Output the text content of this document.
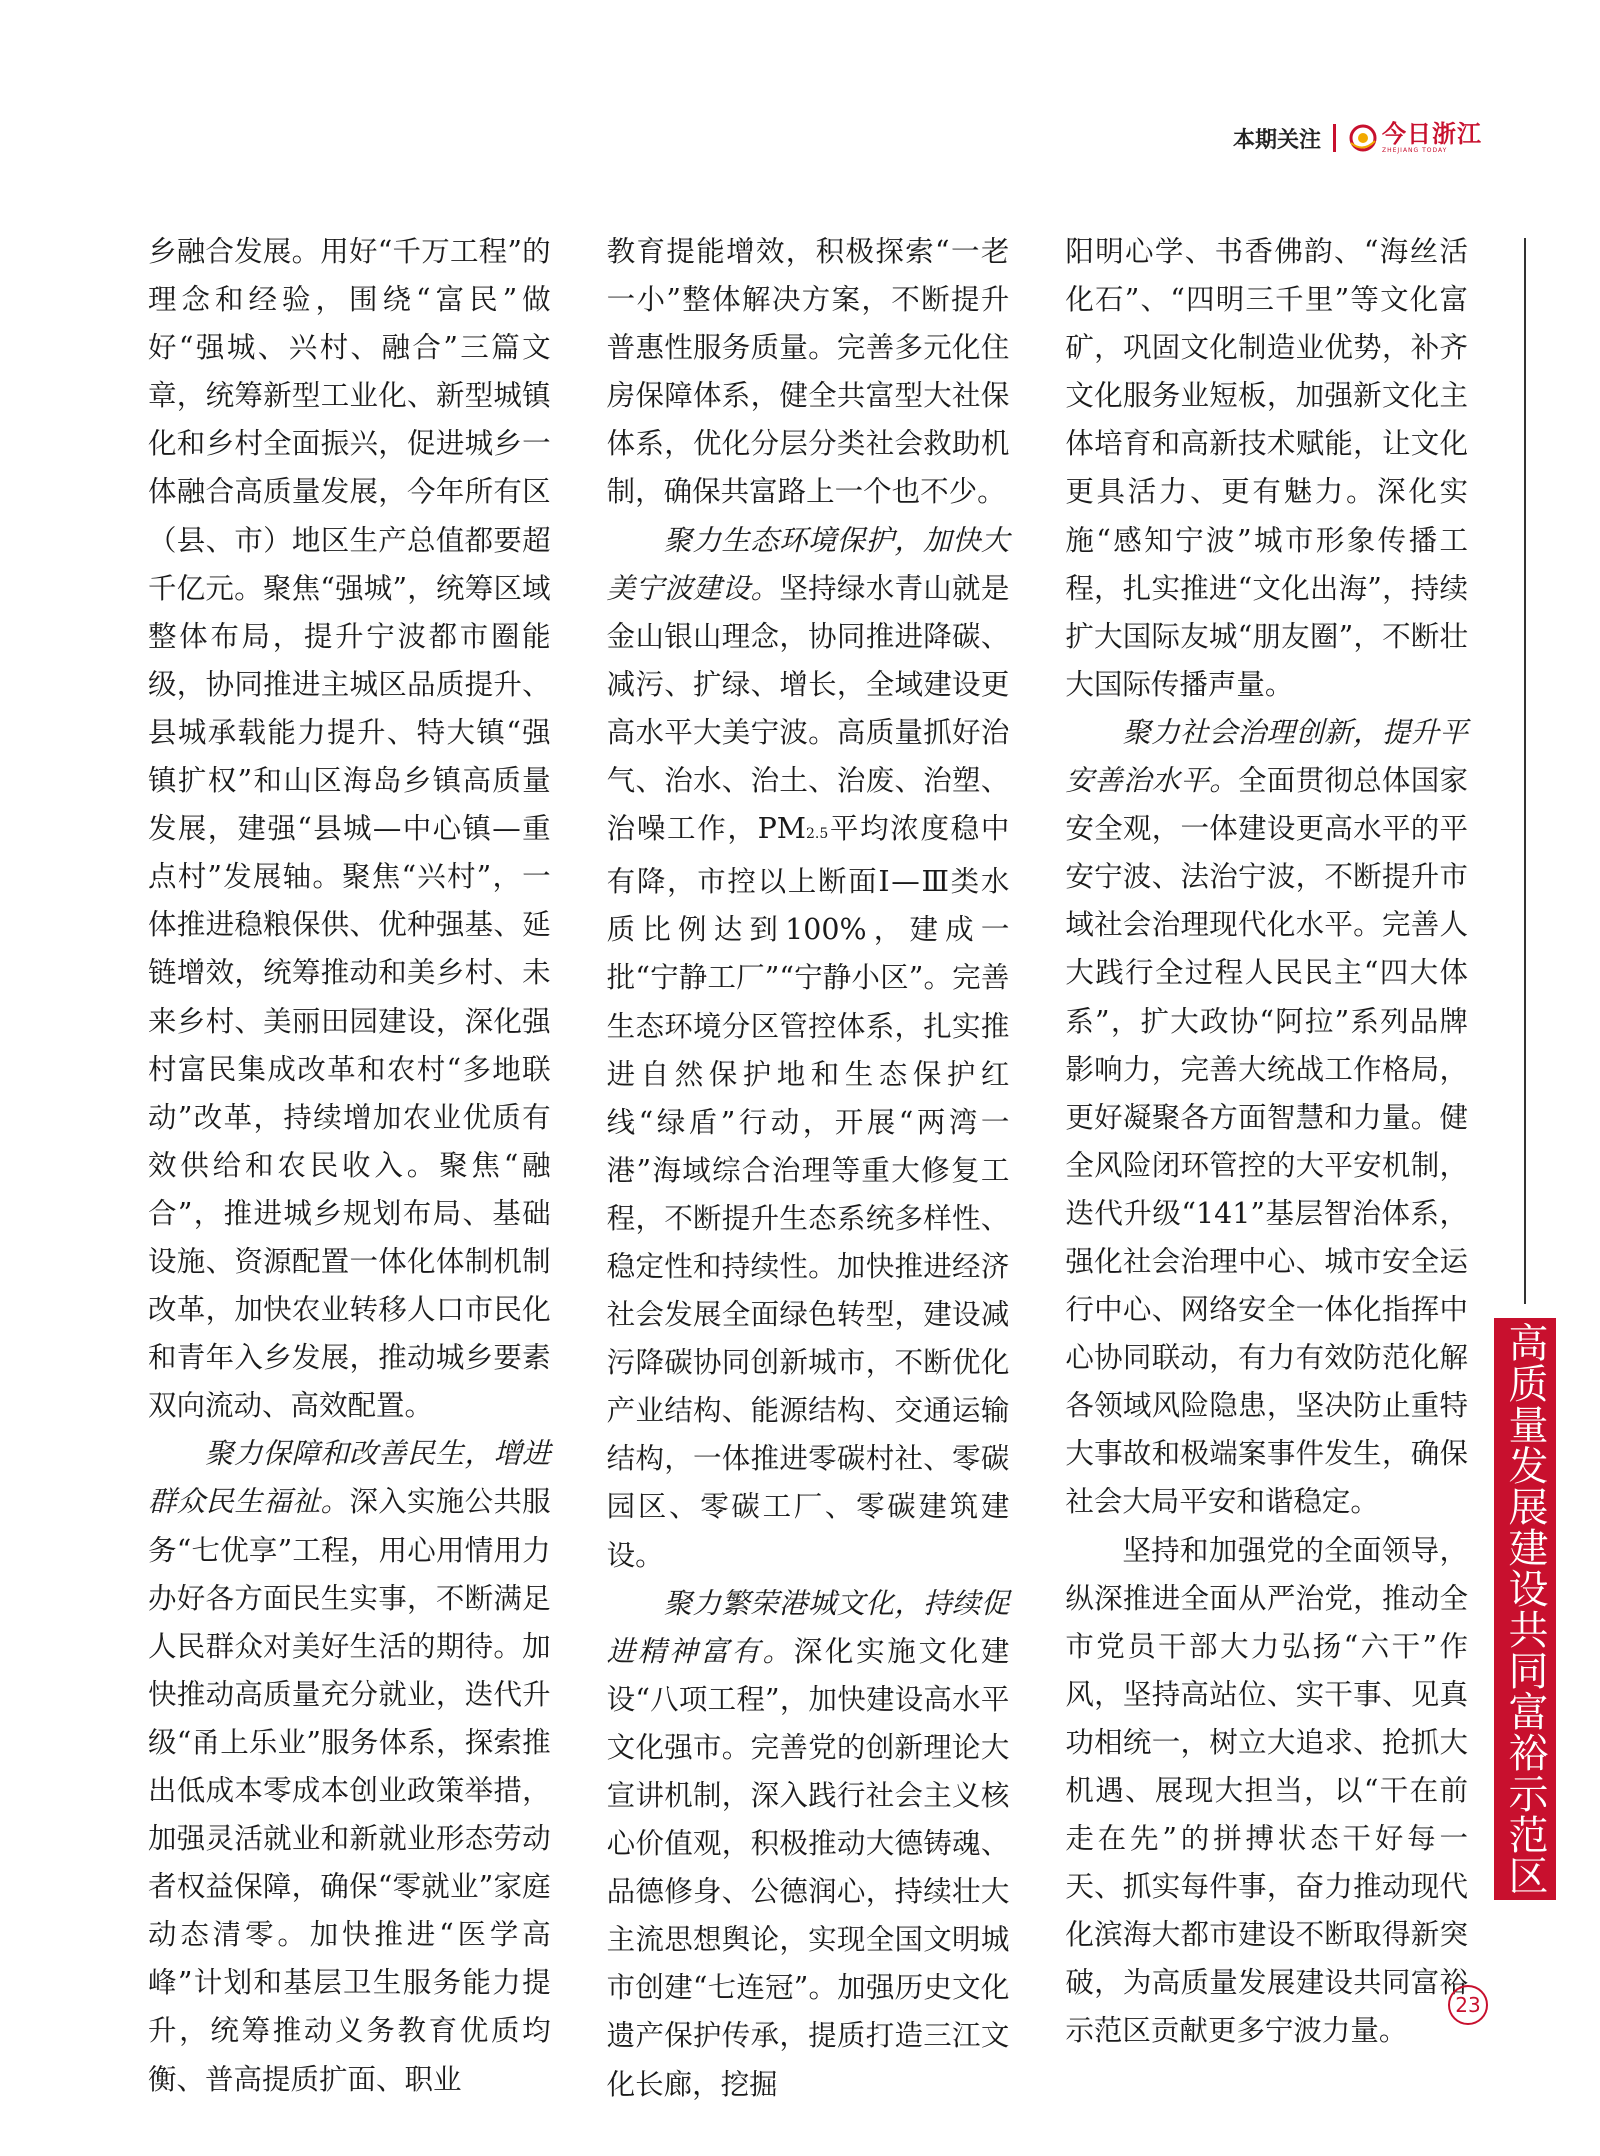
本期关注	今日浙江
ZHEJIANG TODAY

乡融合发展。用好“千万工程”的理念和经验，围绕“富民”做好“强城、兴村、融合”三篇文章，统筹新型工业化、新型城镇化和乡村全面振兴，促进城乡一体融合高质量发展，今年所有区（县、市）地区生产总值都要超千亿元。聚焦“强城”，统筹区域整体布局，提升宁波都市圈能级，协同推进主城区品质提升、县城承载能力提升、特大镇“强镇扩权”和山区海岛乡镇高质量发展，建强“县城—中心镇—重点村”发展轴。聚焦“兴村”，一体推进稳粮保供、优种强基、延链增效，统筹推动和美乡村、未来乡村、美丽田园建设，深化强村富民集成改革和农村“多地联动”改革，持续增加农业优质有效供给和农民收入。聚焦“融合”，推进城乡规划布局、基础设施、资源配置一体化体制机制改革，加快农业转移人口市民化和青年入乡发展，推动城乡要素双向流动、高效配置。

聚力保障和改善民生，增进群众民生福祉。深入实施公共服务“七优享”工程，用心用情用力办好各方面民生实事，不断满足人民群众对美好生活的期待。加快推动高质量充分就业，迭代升级“甬上乐业”服务体系，探索推出低成本零成本创业政策举措，加强灵活就业和新就业形态劳动者权益保障，确保“零就业”家庭动态清零。加快推进“医学高峰”计划和基层卫生服务能力提升，统筹推动义务教育优质均衡、普高提质扩面、职业

教育提能增效，积极探索“一老一小”整体解决方案，不断提升普惠性服务质量。完善多元化住房保障体系，健全共富型大社保体系，优化分层分类社会救助机制，确保共富路上一个也不少。

聚力生态环境保护，加快大美宁波建设。坚持绿水青山就是金山银山理念，协同推进降碳、减污、扩绿、增长，全域建设更高水平大美宁波。高质量抓好治气、治水、治土、治废、治塑、治噪工作，PM2.5平均浓度稳中有降，市控以上断面Ⅰ—Ⅲ类水质比例达到100%，建成一批“宁静工厂”“宁静小区”。完善生态环境分区管控体系，扎实推进自然保护地和生态保护红线“绿盾”行动，开展“两湾一港”海域综合治理等重大修复工程，不断提升生态系统多样性、稳定性和持续性。加快推进经济社会发展全面绿色转型，建设减污降碳协同创新城市，不断优化产业结构、能源结构、交通运输结构，一体推进零碳村社、零碳园区、零碳工厂、零碳建筑建设。

聚力繁荣港城文化，持续促进精神富有。深化实施文化建设“八项工程”，加快建设高水平文化强市。完善党的创新理论大宣讲机制，深入践行社会主义核心价值观，积极推动大德铸魂、品德修身、公德润心，持续壮大主流思想舆论，实现全国文明城市创建“七连冠”。加强历史文化遗产保护传承，提质打造三江文化长廊，挖掘

阳明心学、书香佛韵、“海丝活化石”、“四明三千里”等文化富矿，巩固文化制造业优势，补齐文化服务业短板，加强新文化主体培育和高新技术赋能，让文化更具活力、更有魅力。深化实施“感知宁波”城市形象传播工程，扎实推进“文化出海”，持续扩大国际友城“朋友圈”，不断壮大国际传播声量。

聚力社会治理创新，提升平安善治水平。全面贯彻总体国家安全观，一体建设更高水平的平安宁波、法治宁波，不断提升市域社会治理现代化水平。完善人大践行全过程人民民主“四大体系”，扩大政协“阿拉”系列品牌影响力，完善大统战工作格局，更好凝聚各方面智慧和力量。健全风险闭环管控的大平安机制，迭代升级“141”基层智治体系，强化社会治理中心、城市安全运行中心、网络安全一体化指挥中心协同联动，有力有效防范化解各领域风险隐患，坚决防止重特大事故和极端案事件发生，确保社会大局平安和谐稳定。

坚持和加强党的全面领导，纵深推进全面从严治党，推动全市党员干部大力弘扬“六干”作风，坚持高站位、实干事、见真功相统一，树立大追求、抢抓大机遇、展现大担当，以“干在前走在先”的拼搏状态干好每一天、抓实每件事，奋力推动现代化滨海大都市建设不断取得新突破，为高质量发展建设共同富裕示范区贡献更多宁波力量。

高质量发展建设共同富裕示范区
23
